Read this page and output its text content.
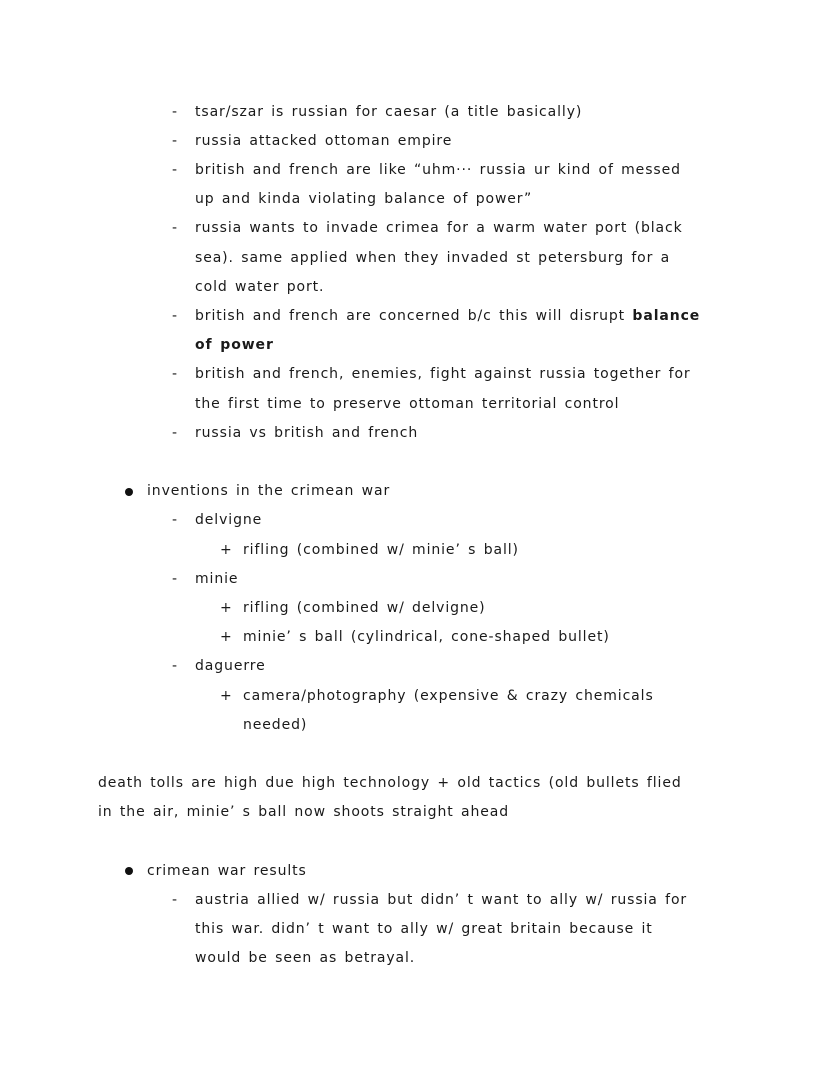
- tsar/szar is russian for caesar (a title basically)
- russia attacked ottoman empire
- british and french are like “uhm··· russia ur kind of messed
up and kinda violating balance of power”
- russia wants to invade crimea for a warm water port (black
sea). same applied when they invaded st petersburg for a
cold water port.
- british and french are concerned b/c this will disrupt balance
of power
- british and french, enemies, fight against russia together for
the first time to preserve ottoman territorial control
- russia vs british and french
inventions in the crimean war
- delvigne
+ rifling (combined w/ minie’ s ball)
- minie
+ rifling (combined w/ delvigne)
+ minie’ s ball (cylindrical, cone-shaped bullet)
- daguerre
+ camera/photography (expensive & crazy chemicals
needed)
death tolls are high due high technology + old tactics (old bullets flied
in the air, minie’ s ball now shoots straight ahead
crimean war results
- austria allied w/ russia but didn’ t want to ally w/ russia for
this war. didn’ t want to ally w/ great britain because it
would be seen as betrayal.
